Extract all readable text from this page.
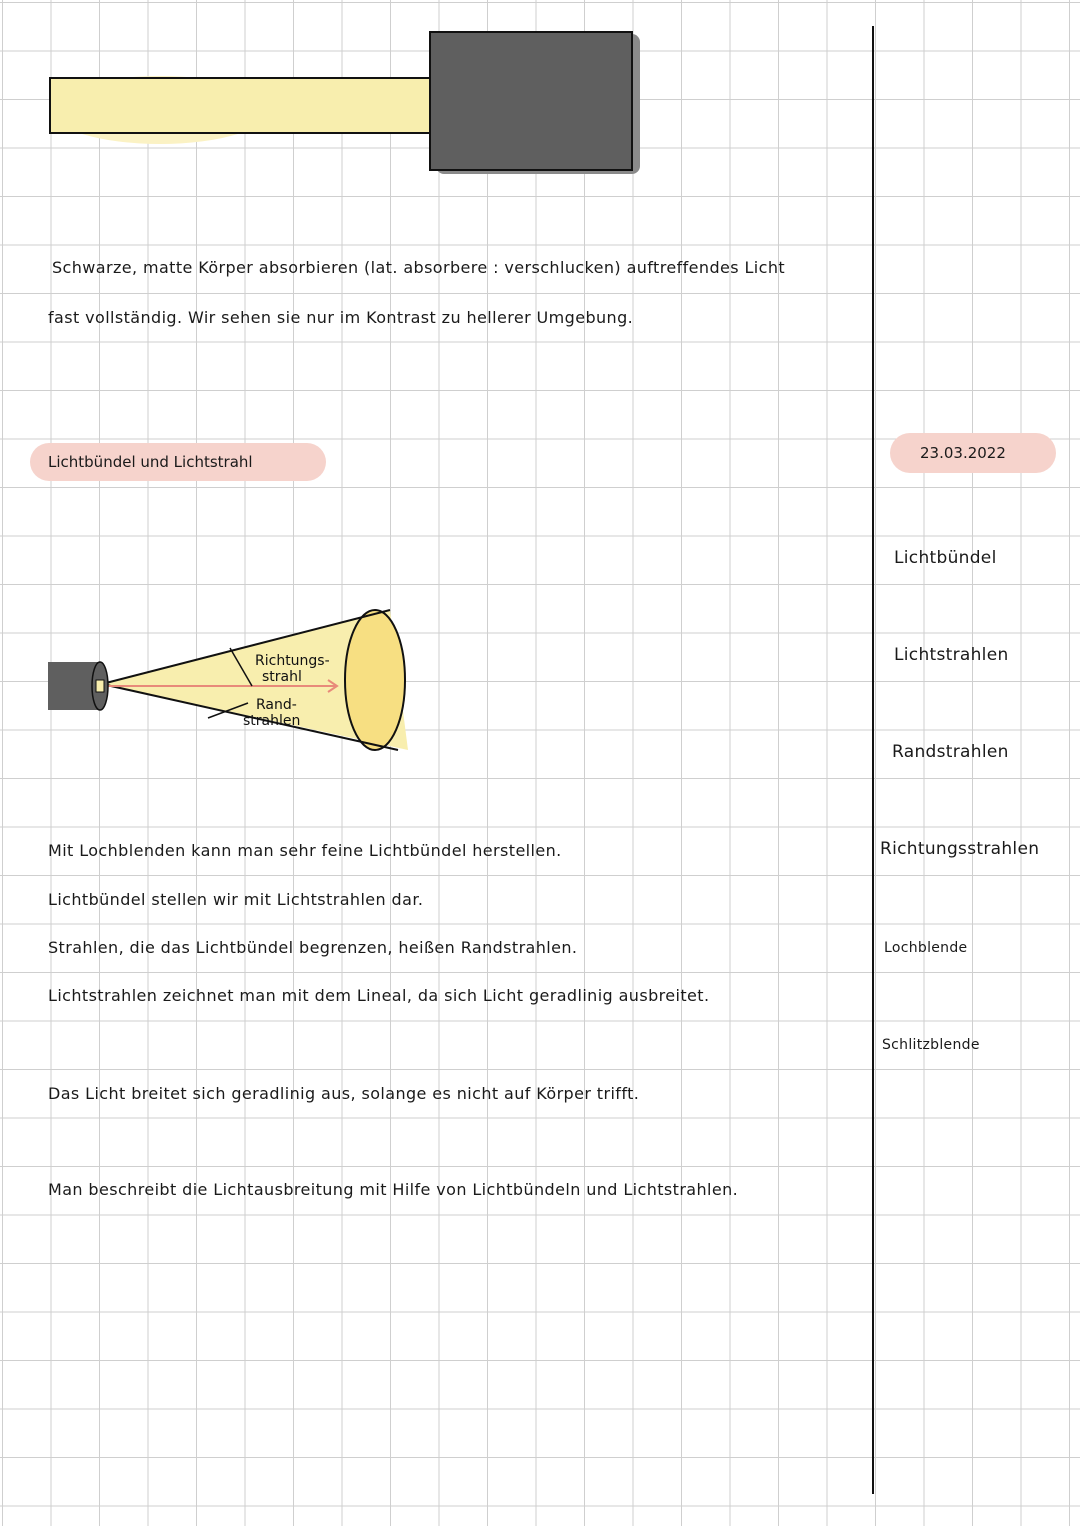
Schwarze, matte Körper absorbieren (lat. absorbere : verschlucken) auftreffendes Licht
fast vollständig. Wir sehen sie nur im Kontrast zu hellerer Umgebung.
Lichtbündel und Lichtstrahl	23.03.2022
Richtungs-
strahl
Rand-
strahlen
Mit Lochblenden kann man sehr feine Lichtbündel herstellen.
Lichtbündel stellen wir mit Lichtstrahlen dar.
Strahlen, die das Lichtbündel begrenzen, heißen Randstrahlen.
Lichtstrahlen zeichnet man mit dem Lineal, da sich Licht geradlinig ausbreitet.
Das Licht breitet sich geradlinig aus, solange es nicht auf Körper trifft.
Man beschreibt die Lichtausbreitung mit Hilfe von Lichtbündeln und Lichtstrahlen.
Lichtbündel
Lichtstrahlen
Randstrahlen
Richtungsstrahlen
Lochblende
Schlitzblende
